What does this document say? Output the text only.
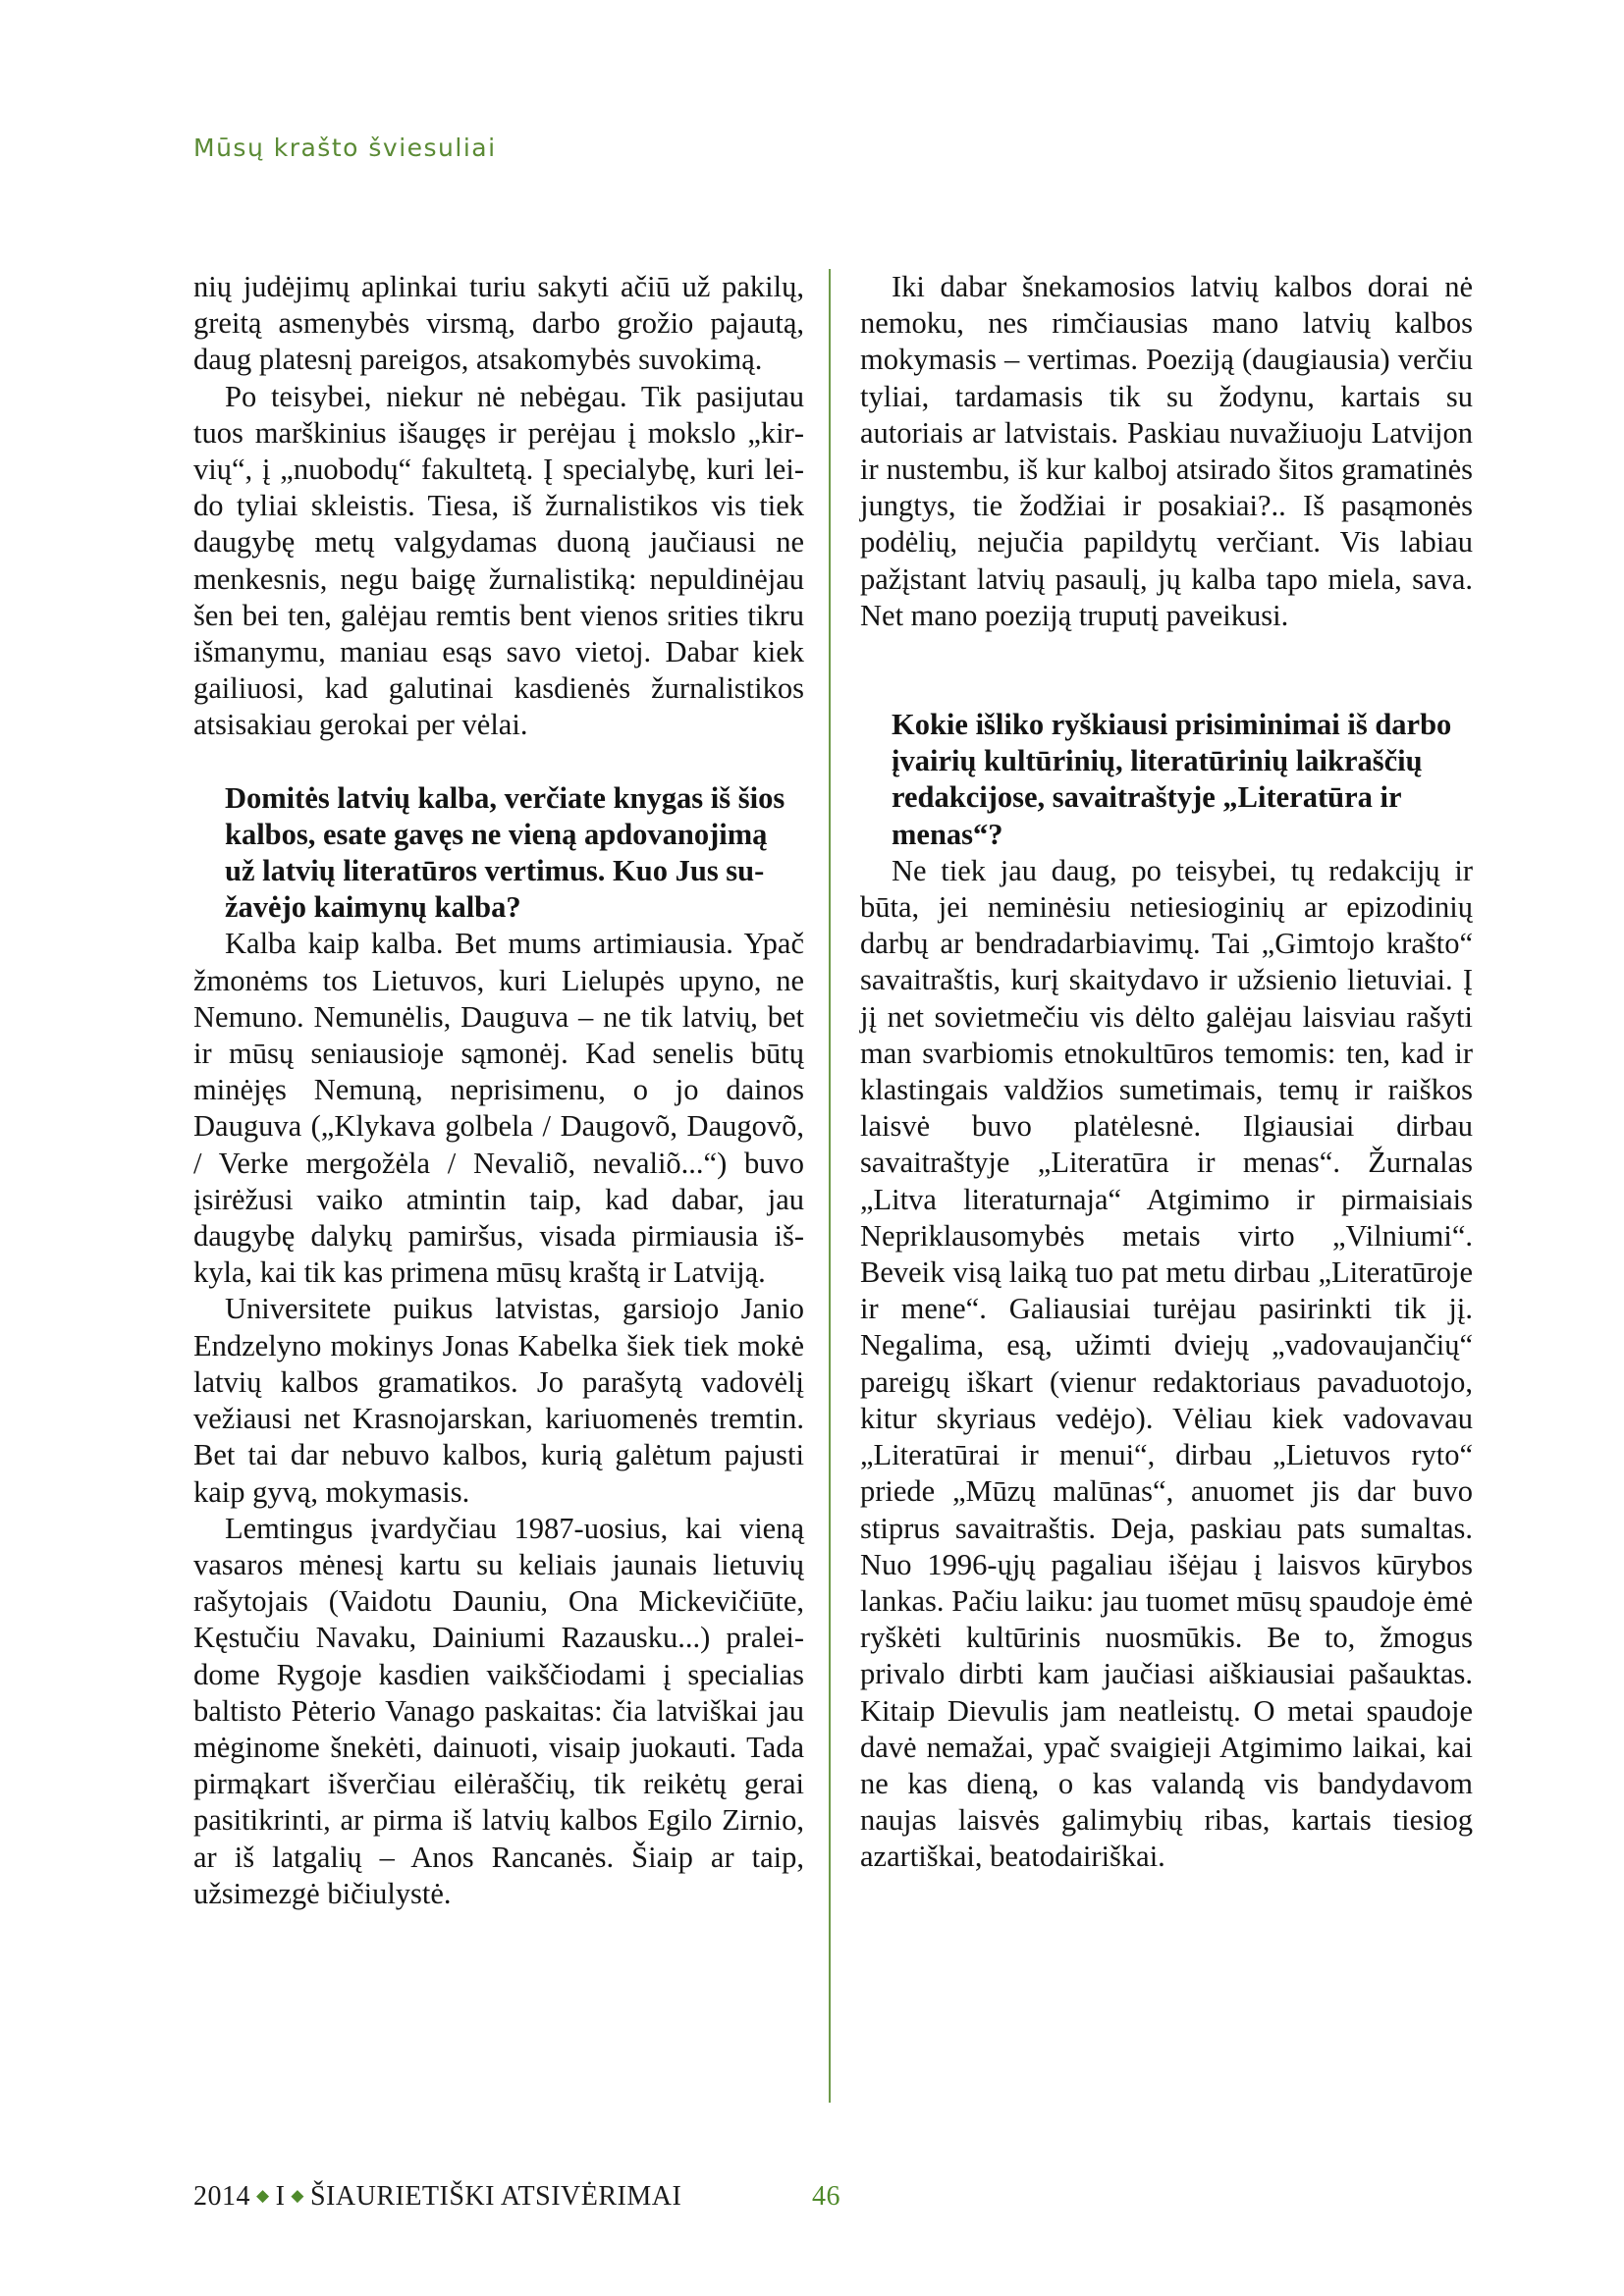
Mūsų krašto šviesuliai

nių judėjimų aplinkai turiu sakyti ačiū už pakilų, greitą asmenybės virsmą, darbo grožio pajautą, daug platesnį pareigos, atsakomybės suvokimą.

Po teisybei, niekur nė nebėgau. Tik pasijutau tuos marškinius išaugęs ir perėjau į mokslo „kirvių“, į „nuobodų“ fakultetą. Į specialybę, kuri leido tyliai skleistis. Tiesa, iš žurnalistikos vis tiek daugybę metų valgydamas duoną jaučiausi ne menkesnis, negu baigę žurnalistiką: nepuldinėjau šen bei ten, galėjau remtis bent vienos srities tikru išmanymu, maniau esąs savo vietoj. Dabar kiek gailiuosi, kad galutinai kasdienės žurnalistikos atsisakiau gerokai per vėlai.

Domitės latvių kalba, verčiate knygas iš šios kalbos, esate gavęs ne vieną apdovanojimą už latvių literatūros vertimus. Kuo Jus sužavėjo kaimynų kalba?

Kalba kaip kalba. Bet mums artimiausia. Ypač žmonėms tos Lietuvos, kuri Lielupės upyno, ne Nemuno. Nemunėlis, Dauguva – ne tik latvių, bet ir mūsų seniausioje sąmonėj. Kad senelis būtų minėjęs Nemuną, neprisimenu, o jo dainos Dauguva („Klykava golbela / Daugovõ, Daugovõ, / Verke mergožėla / Nevaliõ, nevaliõ...“) buvo įsirėžusi vaiko atmintin taip, kad dabar, jau daugybę dalykų pamiršus, visada pirmiausia iškyla, kai tik kas primena mūsų kraštą ir Latviją.

Universitete puikus latvistas, garsiojo Janio Endzelyno mokinys Jonas Kabelka šiek tiek mokė latvių kalbos gramatikos. Jo parašytą vadovėlį vežiausi net Krasnojarskan, kariuomenės tremtin. Bet tai dar nebuvo kalbos, kurią galėtum pajusti kaip gyvą, mokymasis.

Lemtingus įvardyčiau 1987-uosius, kai vieną vasaros mėnesį kartu su keliais jaunais lietuvių rašytojais (Vaidotu Dauniu, Ona Mickevičiūte, Kęstučiu Navaku, Dainiumi Razausku...) praleidome Rygoje kasdien vaikščiodami į specialias baltisto Pėterio Vanago paskaitas: čia latviškai jau mėginome šnekėti, dainuoti, visaip juokauti. Tada pirmąkart išverčiau eilėraščių, tik reikėtų gerai pasitikrinti, ar pirma iš latvių kalbos Egilo Zirnio, ar iš latgalių – Anos Rancanės. Šiaip ar taip, užsimezgė bičiulystė.

Iki dabar šnekamosios latvių kalbos dorai nė nemoku, nes rimčiausias mano latvių kalbos mokymasis – vertimas. Poeziją (daugiausia) verčiu tyliai, tardamasis tik su žodynu, kartais su autoriais ar latvistais. Paskiau nuvažiuoju Latvijon ir nustembu, iš kur kalboj atsirado šitos gramatinės jungtys, tie žodžiai ir posakiai?.. Iš pasąmonės podėlių, nejučia papildytų verčiant. Vis labiau pažįstant latvių pasaulį, jų kalba tapo miela, sava. Net mano poeziją truputį paveikusi.

Kokie išliko ryškiausi prisiminimai iš darbo įvairių kultūrinių, literatūrinių laikraščių redakcijose, savaitraštyje „Literatūra ir menas“?

Ne tiek jau daug, po teisybei, tų redakcijų ir būta, jei neminėsiu netiesioginių ar epizodinių darbų ar bendradarbiavimų. Tai „Gimtojo krašto“ savaitraštis, kurį skaitydavo ir užsienio lietuviai. Į jį net sovietmečiu vis dėlto galėjau laisviau rašyti man svarbiomis etnokultūros temomis: ten, kad ir klastingais valdžios sumetimais, temų ir raiškos laisvė buvo platėlesnė. Ilgiausiai dirbau savaitraštyje „Literatūra ir menas“. Žurnalas „Litva literaturnaja“ Atgimimo ir pirmaisiais Nepriklausomybės metais virto „Vilniumi“. Beveik visą laiką tuo pat metu dirbau „Literatūroje ir mene“. Galiausiai turėjau pasirinkti tik jį. Negalima, esą, užimti dviejų „vadovaujančių“ pareigų iškart (vienur redaktoriaus pavaduotojo, kitur skyriaus vedėjo). Vėliau kiek vadovavau „Literatūrai ir menui“, dirbau „Lietuvos ryto“ priede „Mūzų malūnas“, anuomet jis dar buvo stiprus savaitraštis. Deja, paskiau pats sumaltas. Nuo 1996-ųjų pagaliau išėjau į laisvos kūrybos lankas. Pačiu laiku: jau tuomet mūsų spaudoje ėmė ryškėti kultūrinis nuosmūkis. Be to, žmogus privalo dirbti kam jaučiasi aiškiausiai pašauktas. Kitaip Dievulis jam neatleistų. O metai spaudoje davė nemažai, ypač svaigieji Atgimimo laikai, kai ne kas dieną, o kas valandą vis bandydavom naujas laisvės galimybių ribas, kartais tiesiog azartiškai, beatodairiškai.

2014 ◆ I ◆ ŠIAURIETIŠKI ATSIVĖRIMAI	46
